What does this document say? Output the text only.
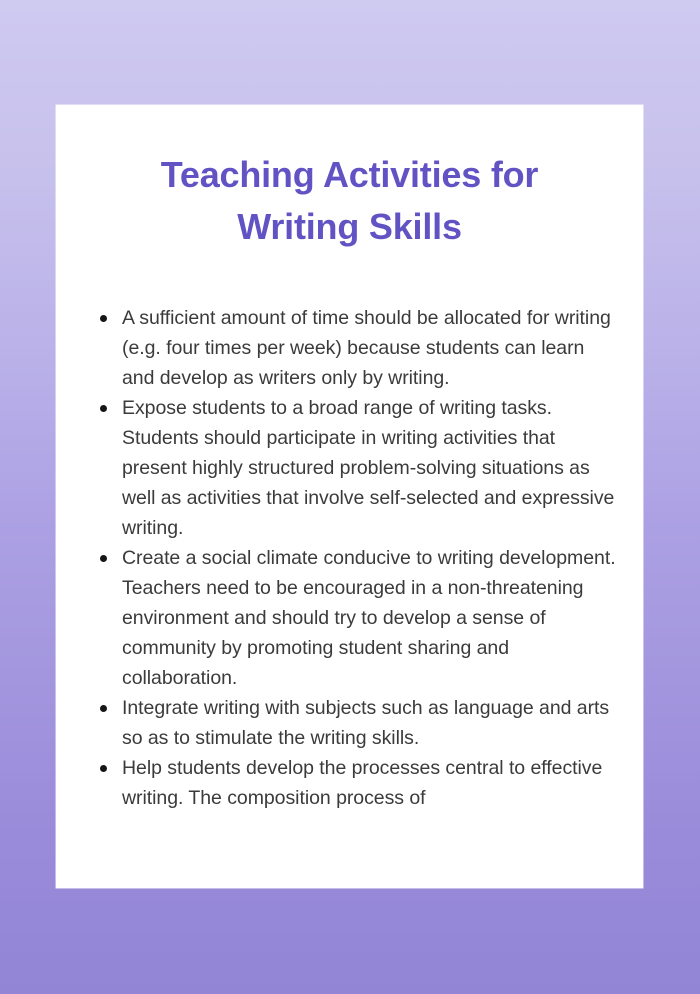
Teaching Activities for
Writing Skills
A sufficient amount of time should be allocated for writing (e.g. four times per week) because students can learn and develop as writers only by writing.
Expose students to a broad range of writing tasks. Students should participate in writing activities that present highly structured problem-solving situations as well as activities that involve self-selected and expressive writing.
Create a social climate conducive to writing development. Teachers need to be encouraged in a non-threatening environment and should try to develop a sense of community by promoting student sharing and collaboration.
Integrate writing with subjects such as language and arts so as to stimulate the writing skills.
Help students develop the processes central to effective writing. The composition process of
